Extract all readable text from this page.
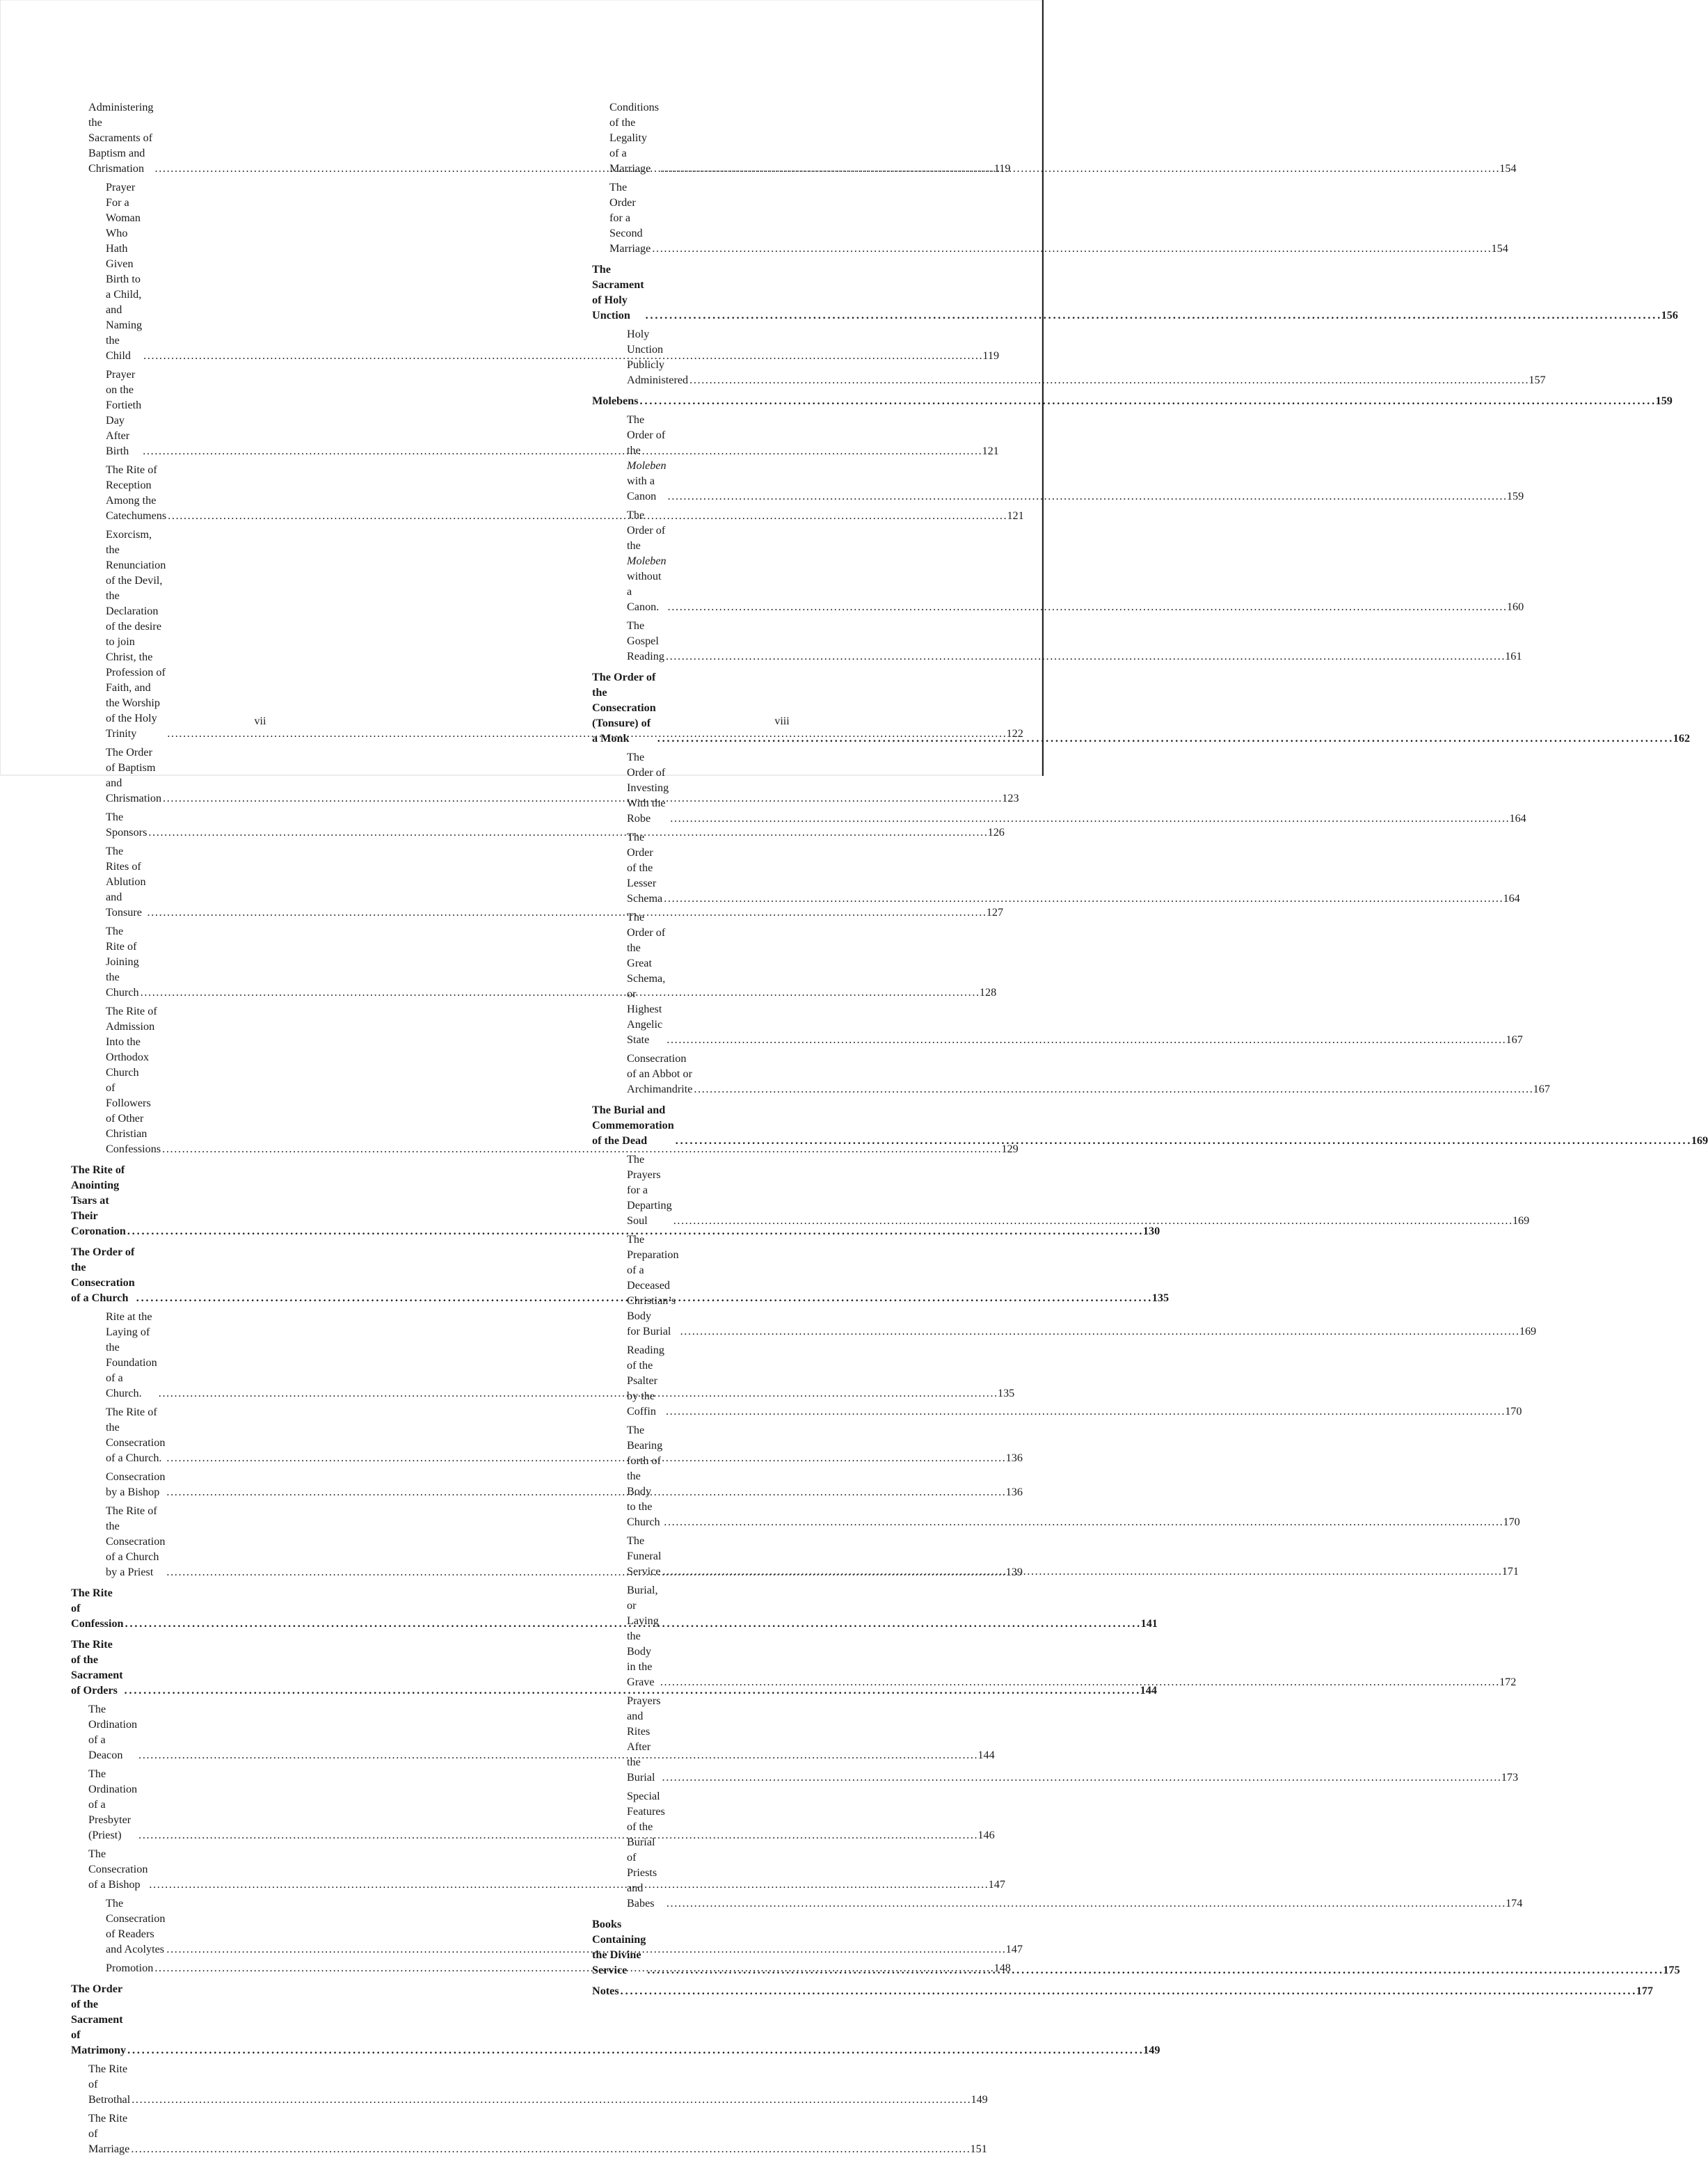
Administering the Sacraments of Baptism and Chrismation . . .	119
Prayer For a Woman Who Hath Given Birth to a Child,
and Naming the Child . . .	119
Prayer on the Fortieth Day After Birth . . .	121
The Rite of Reception Among the Catechumens . . .	121
Exorcism, the Renunciation of the Devil, the Declaration of the desire
to join Christ, the Profession of Faith, and the Worship
of the Holy Trinity . . .	122
The Order of Baptism and Chrismation . . .	123
The Sponsors . . .	126
The Rites of Ablution and Tonsure . . .	127
The Rite of Joining the Church . . .	128
The Rite of Admission Into the Orthodox Church
of Followers of Other Christian Confessions . . .	129
The Rite of Anointing Tsars at Their Coronation . . .	130
The Order of the Consecration of a Church . . .	135
Rite at the Laying of the Foundation of a Church. . . .	135
The Rite of the Consecration of a Church. . . .	136
Consecration by a Bishop . . .	136
The Rite of the Consecration of a Church by a Priest . . .	139
The Rite of Confession . . .	141
The Rite of the Sacrament of Orders . . .	144
The Ordination of a Deacon . . .	144
The Ordination of a Presbyter (Priest) . . .	146
The Consecration of a Bishop . . .	147
The Consecration of Readers and Acolytes . . .	147
Promotion . . .	148
The Order of the Sacrament of Matrimony . . .	149
The Rite of Betrothal . . .	149
The Rite of Marriage . . .	151
vii
Conditions of the Legality of a Marriage . . .	154
The Order for a Second Marriage . . .	154
The Sacrament of Holy Unction . . .	156
Holy Unction Publicly Administered . . .	157
Molebens . . .	159
The Order of the Moleben with a Canon . . .	159
The Order of the Moleben without a Canon. . . .	160
The Gospel Reading . . .	161
The Order of the Consecration (Tonsure) of a Monk . . .	162
The Order of Investing With the Robe . . .	164
The Order of the Lesser Schema . . .	164
The Order of the Great Schema, or Highest Angelic State . . .	167
Consecration of an Abbot or Archimandrite . . .	167
The Burial and Commemoration of the Dead . . .	169
The Prayers for a Departing Soul . . .	169
The Preparation of a Deceased Christian’s Body
for Burial . . .	169
Reading of the Psalter by the Coffin . . .	170
The Bearing forth of the Body to the Church . . .	170
The Funeral Service . . .	171
Burial, or Laying the Body in the Grave . . .	172
Prayers and Rites After the Burial . . .	173
Special Features of the Burial of Priests and Babes . . .	174
Books Containing the Divine Service . . .	175
Notes . . .	177
viii
